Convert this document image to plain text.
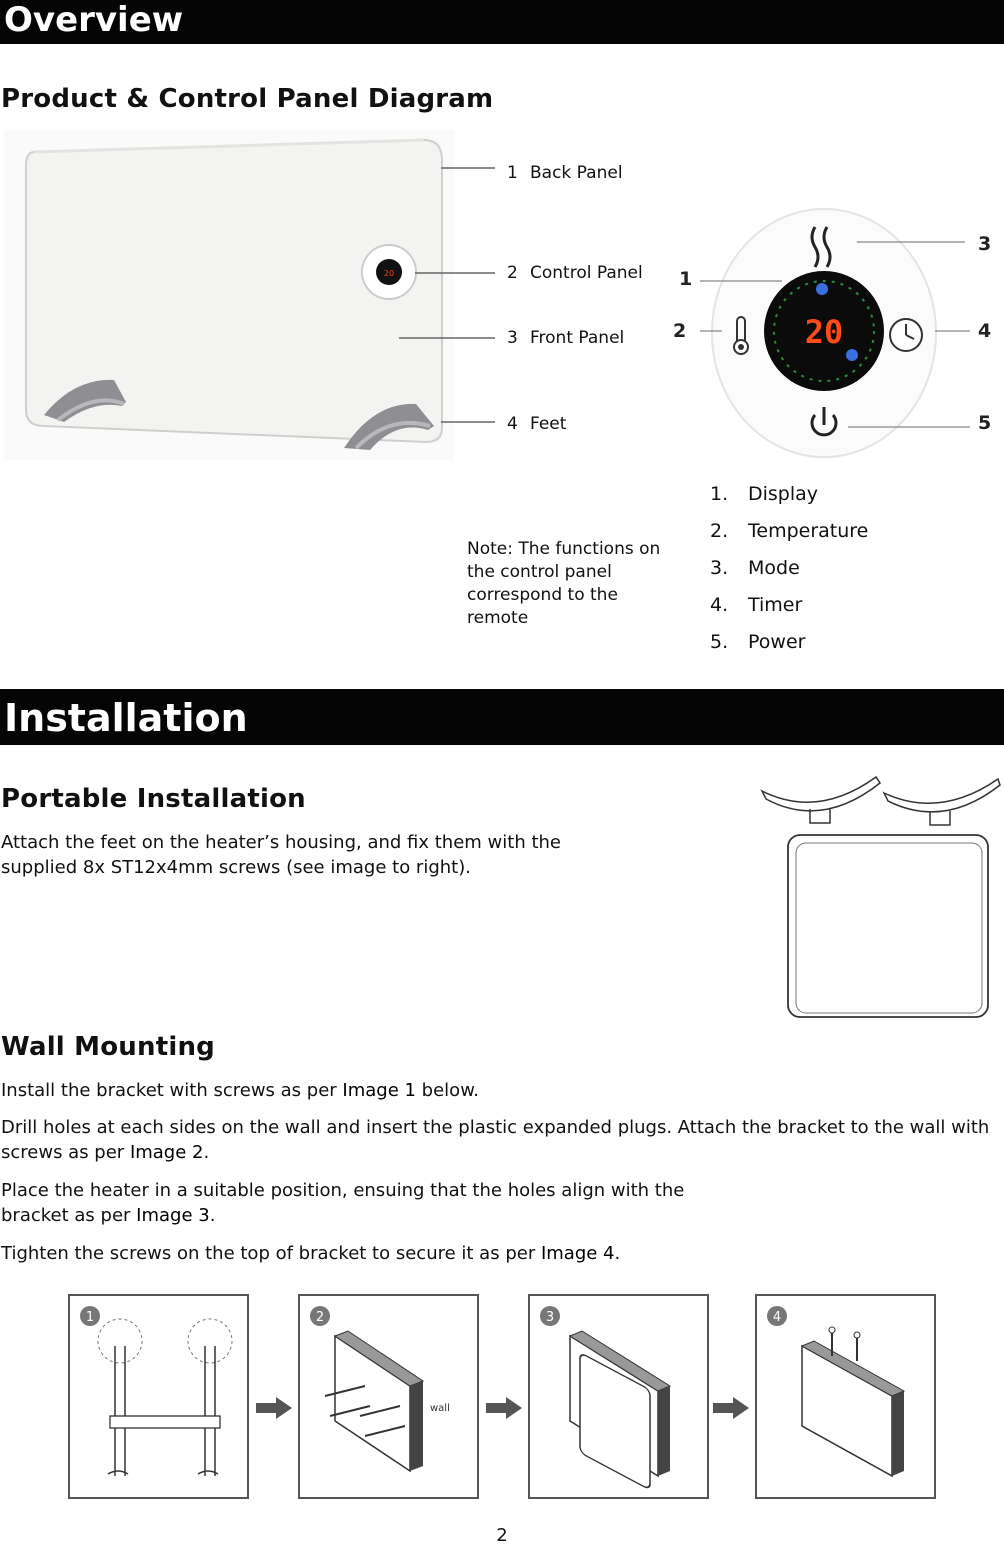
Overview
Product & Control Panel Diagram
20
1 Back Panel
2 Control Panel
3 Front Panel
4 Feet
20
1
2
3
4
5
1. Display
2. Temperature
3. Mode
4. Timer
5. Power
Note: The functions on the control panel correspond to the remote
Installation
Portable Installation

Attach the feet on the heater’s housing, and fix them with the supplied 8x ST12x4mm screws (see image to right).

Wall Mounting

Install the bracket with screws as per Image 1 below.

Drill holes at each sides on the wall and insert the plastic expanded plugs. Attach the bracket to the wall with screws as per Image 2.

Place the heater in a suitable position, ensuing that the holes align with the bracket as per Image 3.

Tighten the screws on the top of bracket to secure it as per Image 4.

1	2
wall
3	4
2
